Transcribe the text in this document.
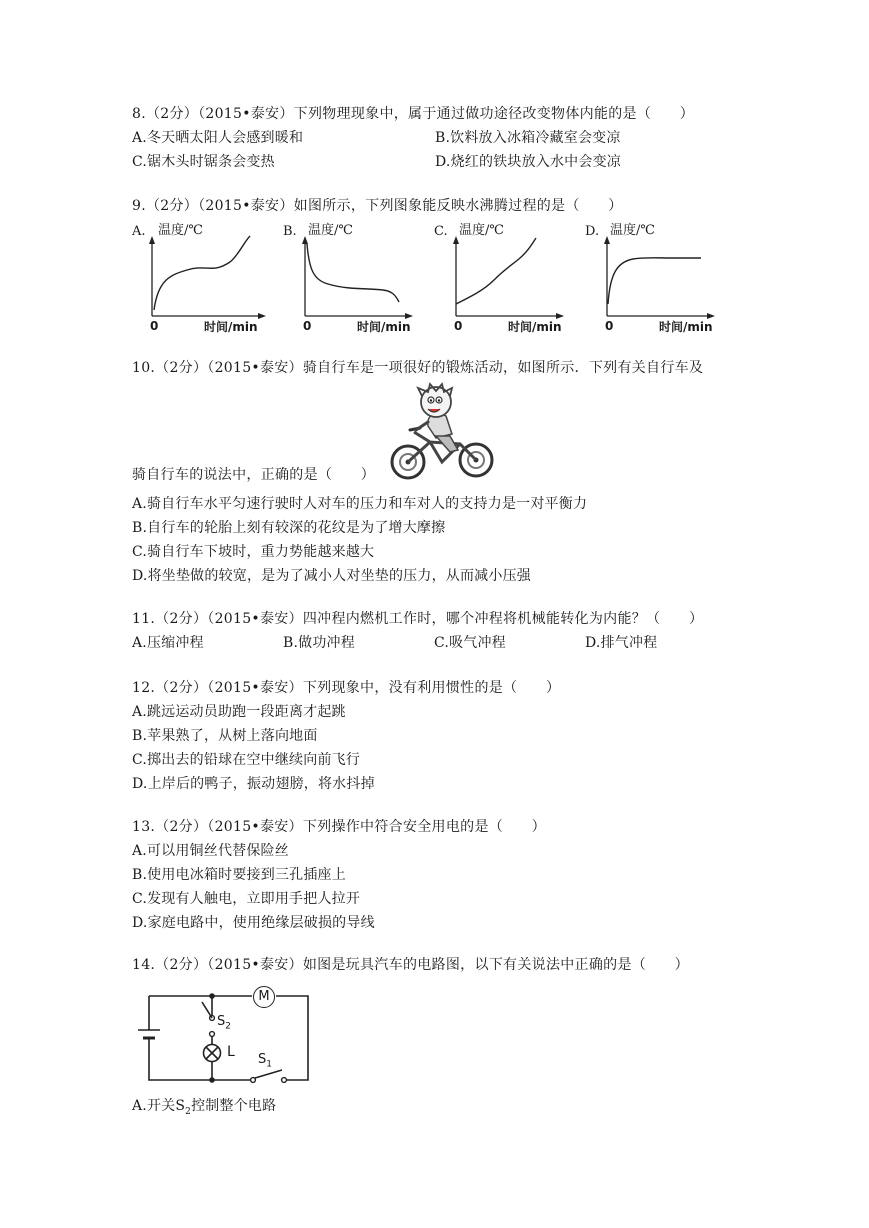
8.（2分）（2015•泰安）下列物理现象中，属于通过做功途径改变物体内能的是（　　）
A.冬天晒太阳人会感到暖和	B.饮料放入冰箱冷藏室会变凉
C.锯木头时锯条会变热	D.烧红的铁块放入水中会变凉
9.（2分）（2015•泰安）如图所示，下列图象能反映水沸腾过程的是（　　）
A. 温度/℃
0	时间/min
B. 温度/℃
0	时间/min
C. 温度/℃
0	时间/min
D. 温度/℃
0	时间/min
10.（2分）（2015•泰安）骑自行车是一项很好的锻炼活动，如图所示．下列有关自行车及
骑自行车的说法中，正确的是（　　）
A.骑自行车水平匀速行驶时人对车的压力和车对人的支持力是一对平衡力
B.自行车的轮胎上刻有较深的花纹是为了增大摩擦
C.骑自行车下坡时，重力势能越来越大
D.将坐垫做的较宽，是为了减小人对坐垫的压力，从而减小压强
11.（2分）（2015•泰安）四冲程内燃机工作时，哪个冲程将机械能转化为内能？（　　）
A.压缩冲程	B.做功冲程	C.吸气冲程	D.排气冲程
12.（2分）（2015•泰安）下列现象中，没有利用惯性的是（　　）
A.跳远运动员助跑一段距离才起跳
B.苹果熟了，从树上落向地面
C.掷出去的铅球在空中继续向前飞行
D.上岸后的鸭子，振动翅膀，将水抖掉
13.（2分）（2015•泰安）下列操作中符合安全用电的是（　　）
A.可以用铜丝代替保险丝
B.使用电冰箱时要接到三孔插座上
C.发现有人触电，立即用手把人拉开
D.家庭电路中，使用绝缘层破损的导线
14.（2分）（2015•泰安）如图是玩具汽车的电路图，以下有关说法中正确的是（　　）
M
L
$S_2$
$S_1$
A.开关$S_2$控制整个电路
